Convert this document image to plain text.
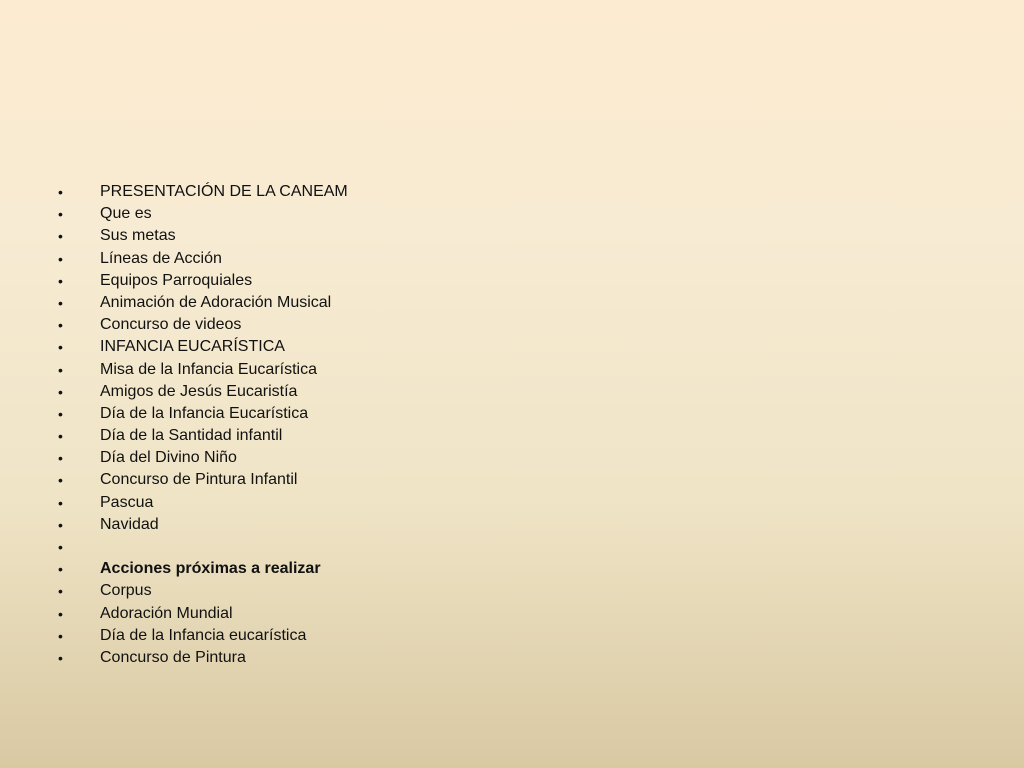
•	PRESENTACIÓN DE LA CANEAM
•	Que es
•	Sus metas
•	Líneas de Acción
•	Equipos Parroquiales
•	Animación de Adoración Musical
•	Concurso de videos
•	INFANCIA EUCARÍSTICA
•	Misa de la Infancia Eucarística
•	Amigos de Jesús Eucaristía
•	Día de la Infancia Eucarística
•	Día de la Santidad infantil
•	Día del Divino Niño
•	Concurso de Pintura Infantil
•	Pascua
•	Navidad
•
•	Acciones próximas a realizar
•	Corpus
•	Adoración Mundial
•	Día de la Infancia eucarística
•	Concurso de Pintura
